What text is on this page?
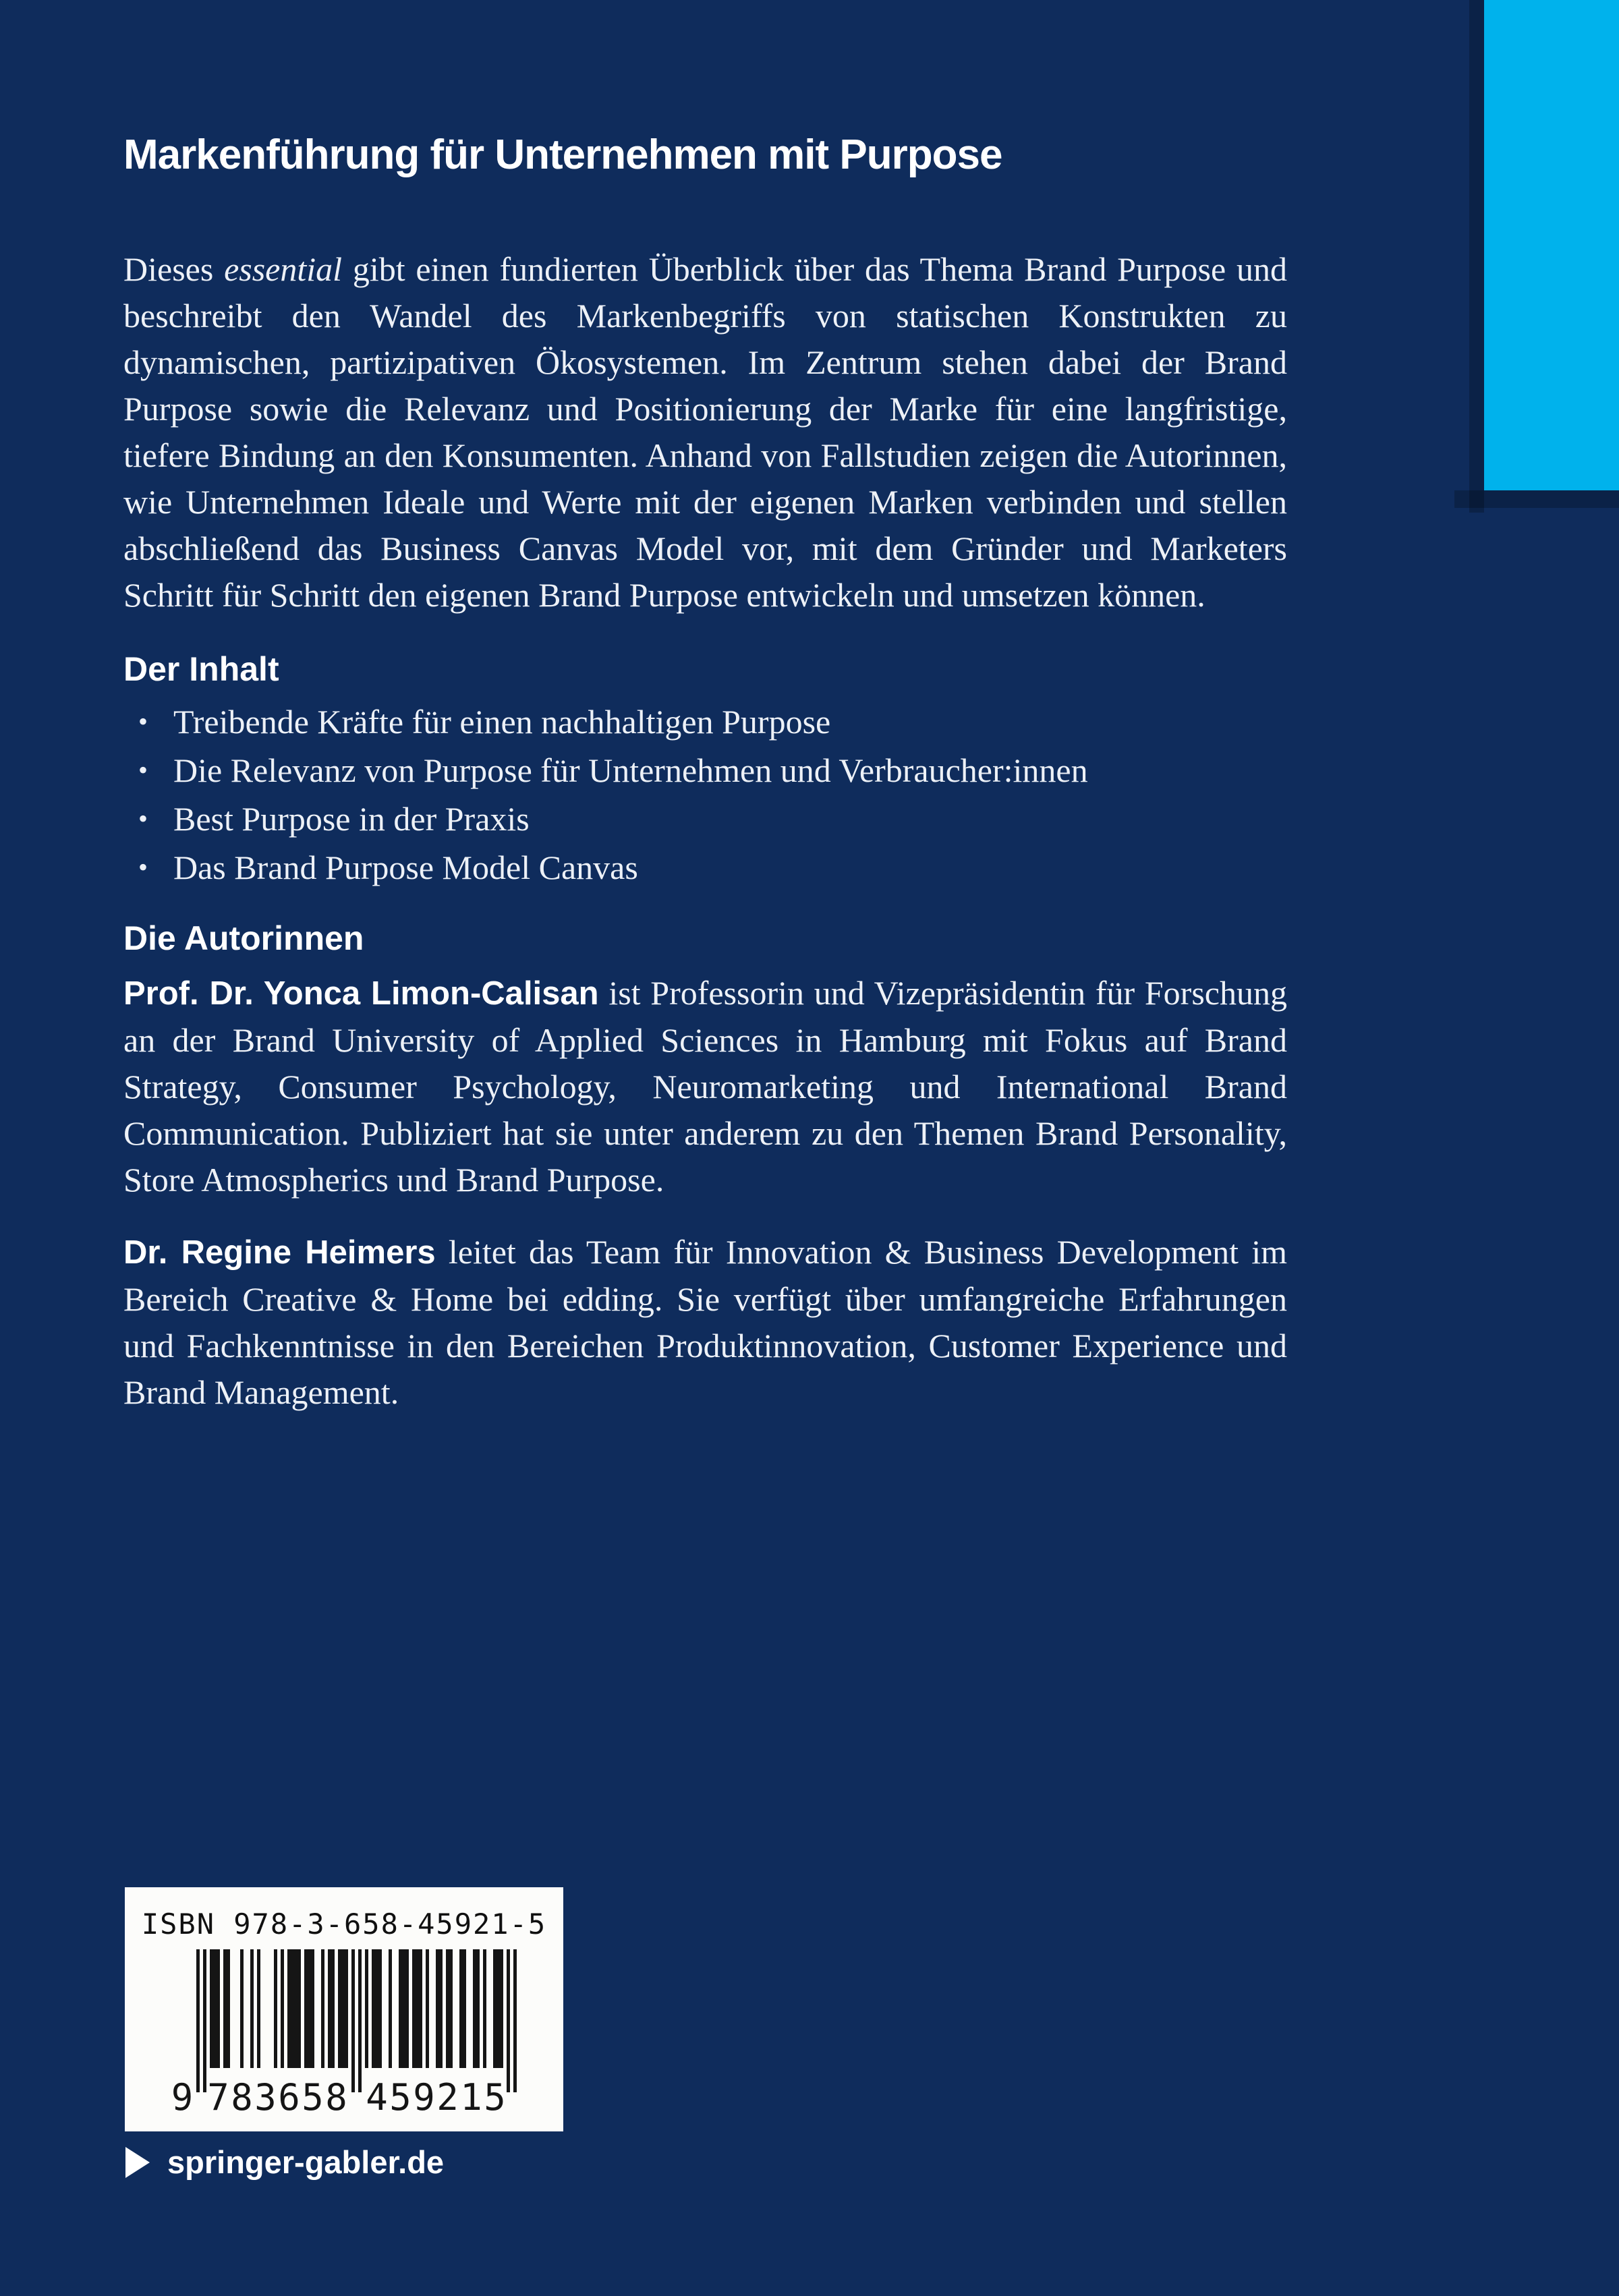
Markenführung für Unternehmen mit Purpose

Dieses essential gibt einen fundierten Überblick über das Thema Brand Purpose und beschreibt den Wandel des Markenbegriffs von statischen Konstrukten zu dynamischen, partizipativen Ökosystemen. Im Zentrum stehen dabei der Brand Purpose sowie die Relevanz und Positionierung der Marke für eine langfristige, tiefere Bindung an den Konsumenten. Anhand von Fallstudien zeigen die Autorinnen, wie Unternehmen Ideale und Werte mit der eigenen Marken verbinden und stellen abschließend das Business Canvas Model vor, mit dem Gründer und Marketers Schritt für Schritt den eigenen Brand Purpose entwickeln und umsetzen können.

Der Inhalt
• Treibende Kräfte für einen nachhaltigen Purpose
• Die Relevanz von Purpose für Unternehmen und Verbraucher:innen
• Best Purpose in der Praxis
• Das Brand Purpose Model Canvas
Die Autorinnen

Prof. Dr. Yonca Limon-Calisan ist Professorin und Vizepräsidentin für Forschung an der Brand University of Applied Sciences in Hamburg mit Fokus auf Brand Strategy, Consumer Psychology, Neuromarketing und International Brand Communication. Publiziert hat sie unter anderem zu den Themen Brand Personality, Store Atmospherics und Brand Purpose.

Dr. Regine Heimers leitet das Team für Innovation & Business Development im Bereich Creative & Home bei edding. Sie verfügt über umfangreiche Erfahrungen und Fachkenntnisse in den Bereichen Produktinnovation, Customer Experience und Brand Management.

ISBN 978-3-658-45921-5
9 7	4
8	5
3	9
6	2
5	1
8	5
springer-gabler.de
